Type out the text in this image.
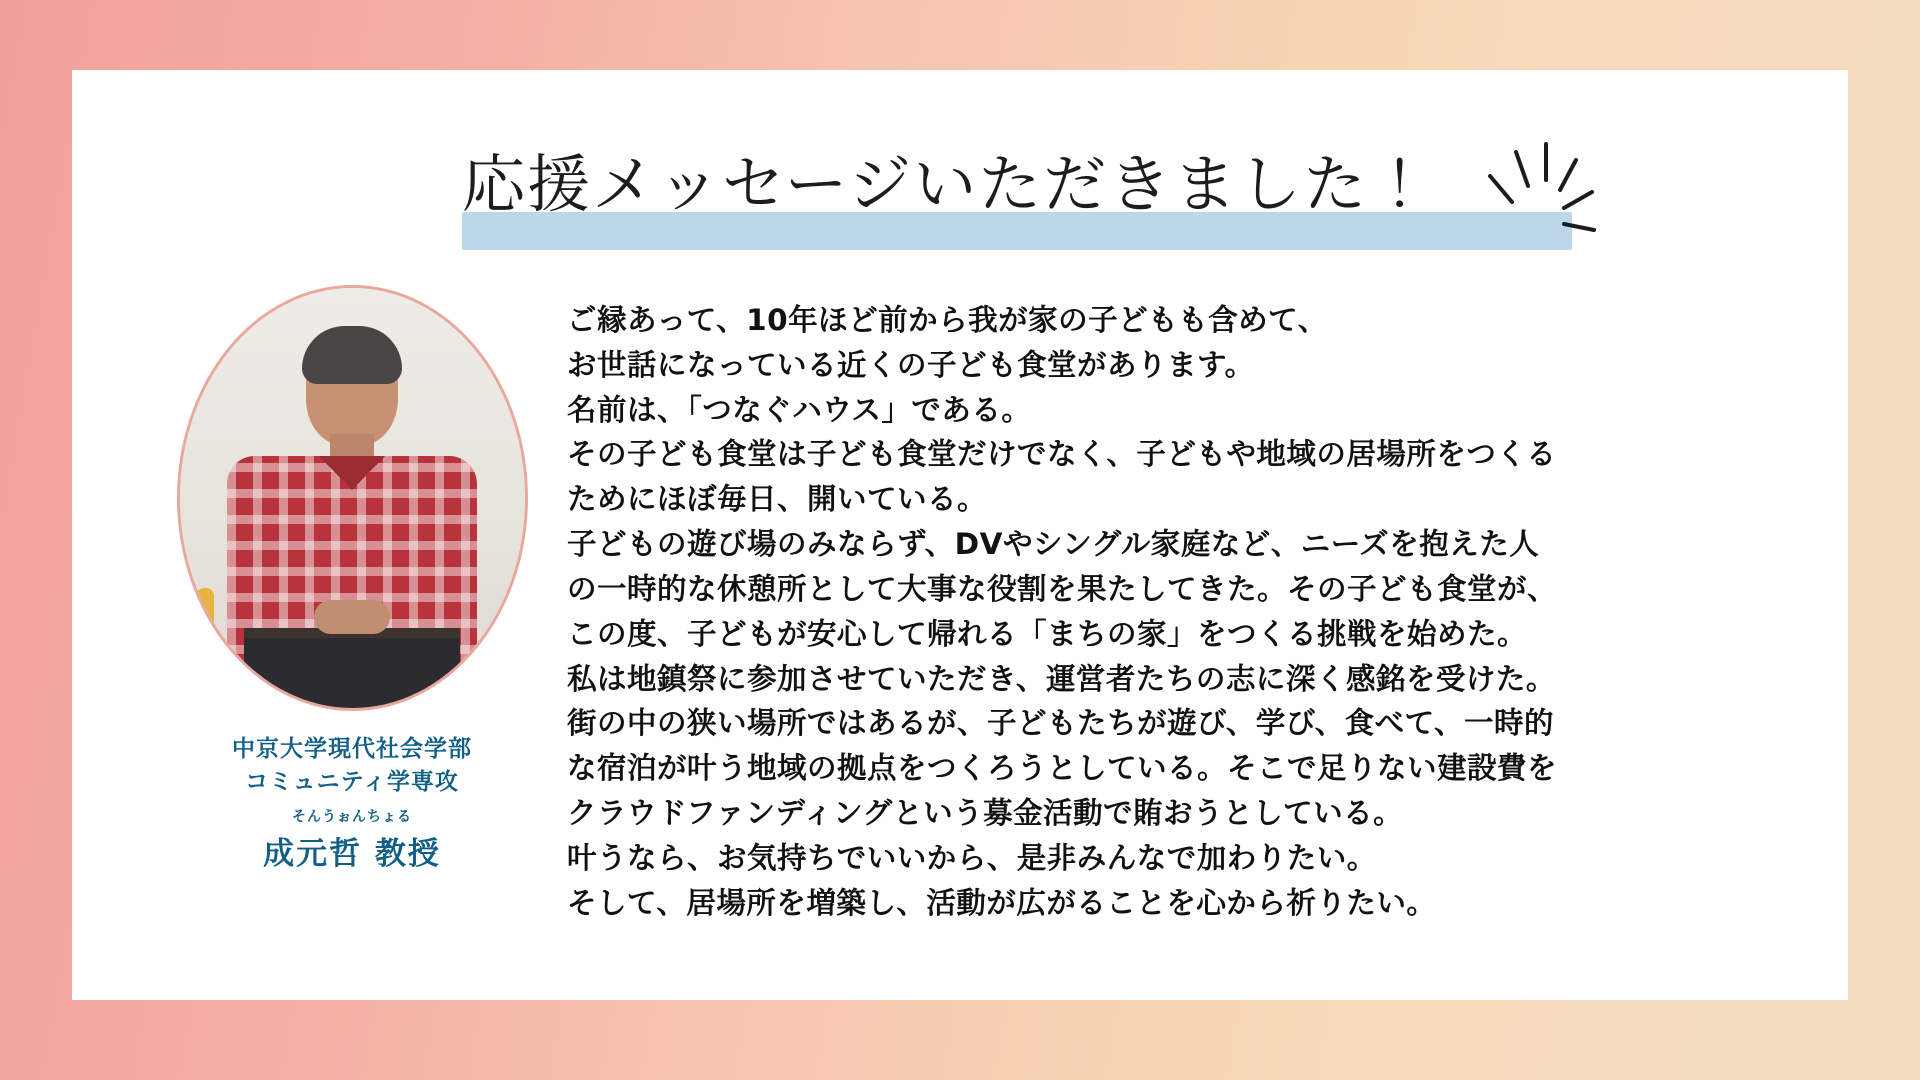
応援メッセージいただきました！
中京大学現代社会学部
コミュニティ学専攻
そんうぉんちょる
成元哲 教授
ご縁あって、10年ほど前から我が家の子どもも含めて、
お世話になっている近くの子ども食堂があります。
名前は、「つなぐハウス」である。
その子ども食堂は子ども食堂だけでなく、子どもや地域の居場所をつくる
ためにほぼ毎日、開いている。
子どもの遊び場のみならず、DVやシングル家庭など、ニーズを抱えた人
の一時的な休憩所として大事な役割を果たしてきた。その子ども食堂が、
この度、子どもが安心して帰れる「まちの家」をつくる挑戦を始めた。
私は地鎮祭に参加させていただき、運営者たちの志に深く感銘を受けた。
街の中の狭い場所ではあるが、子どもたちが遊び、学び、食べて、一時的
な宿泊が叶う地域の拠点をつくろうとしている。そこで足りない建設費を
クラウドファンディングという募金活動で賄おうとしている。
叶うなら、お気持ちでいいから、是非みんなで加わりたい。
そして、居場所を増築し、活動が広がることを心から祈りたい。
